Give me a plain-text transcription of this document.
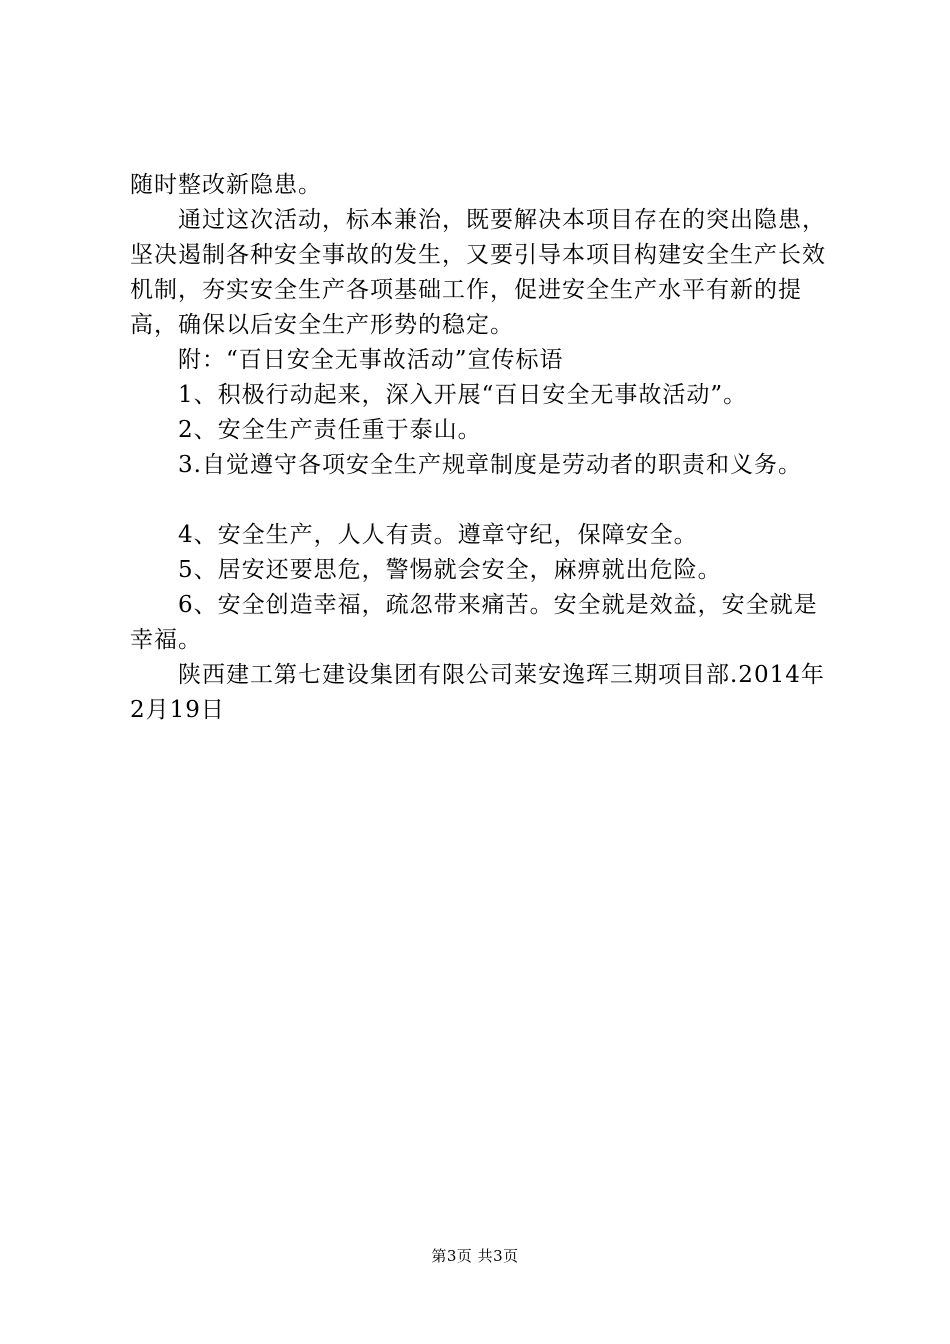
随时整改新隐患。

通过这次活动，标本兼治，既要解决本项目存在的突出隐患，坚决遏制各种安全事故的发生，又要引导本项目构建安全生产长效机制，夯实安全生产各项基础工作，促进安全生产水平有新的提高，确保以后安全生产形势的稳定。

附：“百日安全无事故活动”宣传标语

1、积极行动起来，深入开展“百日安全无事故活动”。

2、安全生产责任重于泰山。

3.自觉遵守各项安全生产规章制度是劳动者的职责和义务。

4、安全生产，人人有责。遵章守纪，保障安全。

5、居安还要思危，警惕就会安全，麻痹就出危险。

6、安全创造幸福，疏忽带来痛苦。安全就是效益，安全就是幸福。

陕西建工第七建设集团有限公司莱安逸珲三期项目部.2014年2月19日

第3页 共3页
